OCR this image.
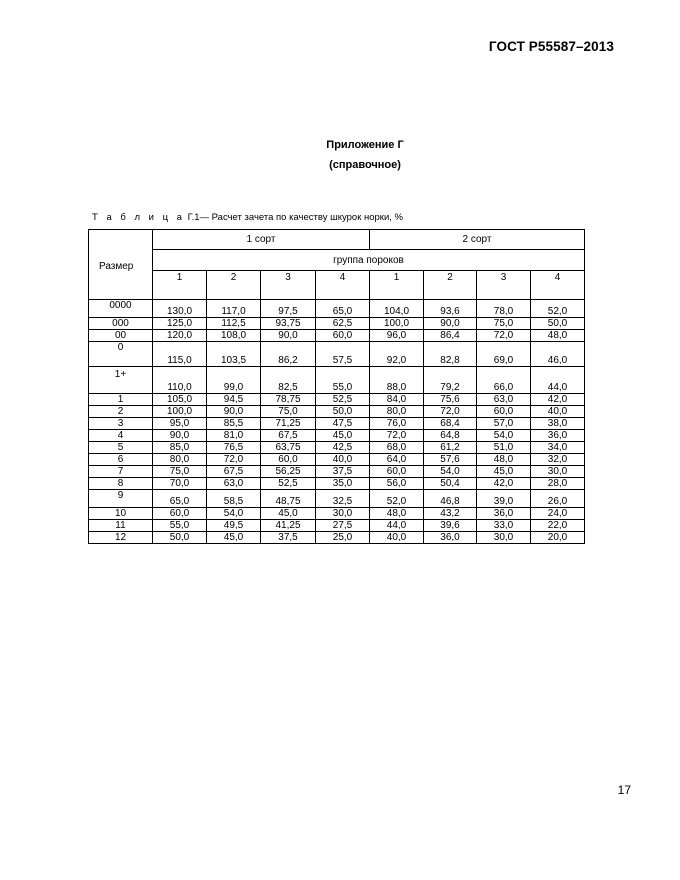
ГОСТ Р55587–2013
Приложение Г
(справочное)
Т а б л и ц а Г.1— Расчет зачета по качеству шкурок норки, %
Размер	1 сорт				2 сорт			
	группа пороков							
	1	2	3	4	1	2	3	4
0000	130,0	117,0	97,5	65,0	104,0	93,6	78,0	52,0
000	125,0	112,5	93,75	62,5	100,0	90,0	75,0	50,0
00	120,0	108,0	90,0	60,0	96,0	86,4	72,0	48,0
0	115,0	103,5	86,2	57,5	92,0	82,8	69,0	46,0
1+	110,0	99,0	82,5	55,0	88,0	79,2	66,0	44,0
1	105,0	94,5	78,75	52,5	84,0	75,6	63,0	42,0
2	100,0	90,0	75,0	50,0	80,0	72,0	60,0	40,0
3	95,0	85,5	71,25	47,5	76,0	68,4	57,0	38,0
4	90,0	81,0	67,5	45,0	72,0	64,8	54,0	36,0
5	85,0	76,5	63,75	42,5	68,0	61,2	51,0	34,0
6	80,0	72,0	60,0	40,0	64,0	57,6	48,0	32,0
7	75,0	67,5	56,25	37,5	60,0	54,0	45,0	30,0
8	70,0	63,0	52,5	35,0	56,0	50,4	42,0	28,0
9	65,0	58,5	48,75	32,5	52,0	46,8	39,0	26,0
10	60,0	54,0	45,0	30,0	48,0	43,2	36,0	24,0
11	55,0	49,5	41,25	27,5	44,0	39,6	33,0	22,0
12	50,0	45,0	37,5	25,0	40,0	36,0	30,0	20,0
17
